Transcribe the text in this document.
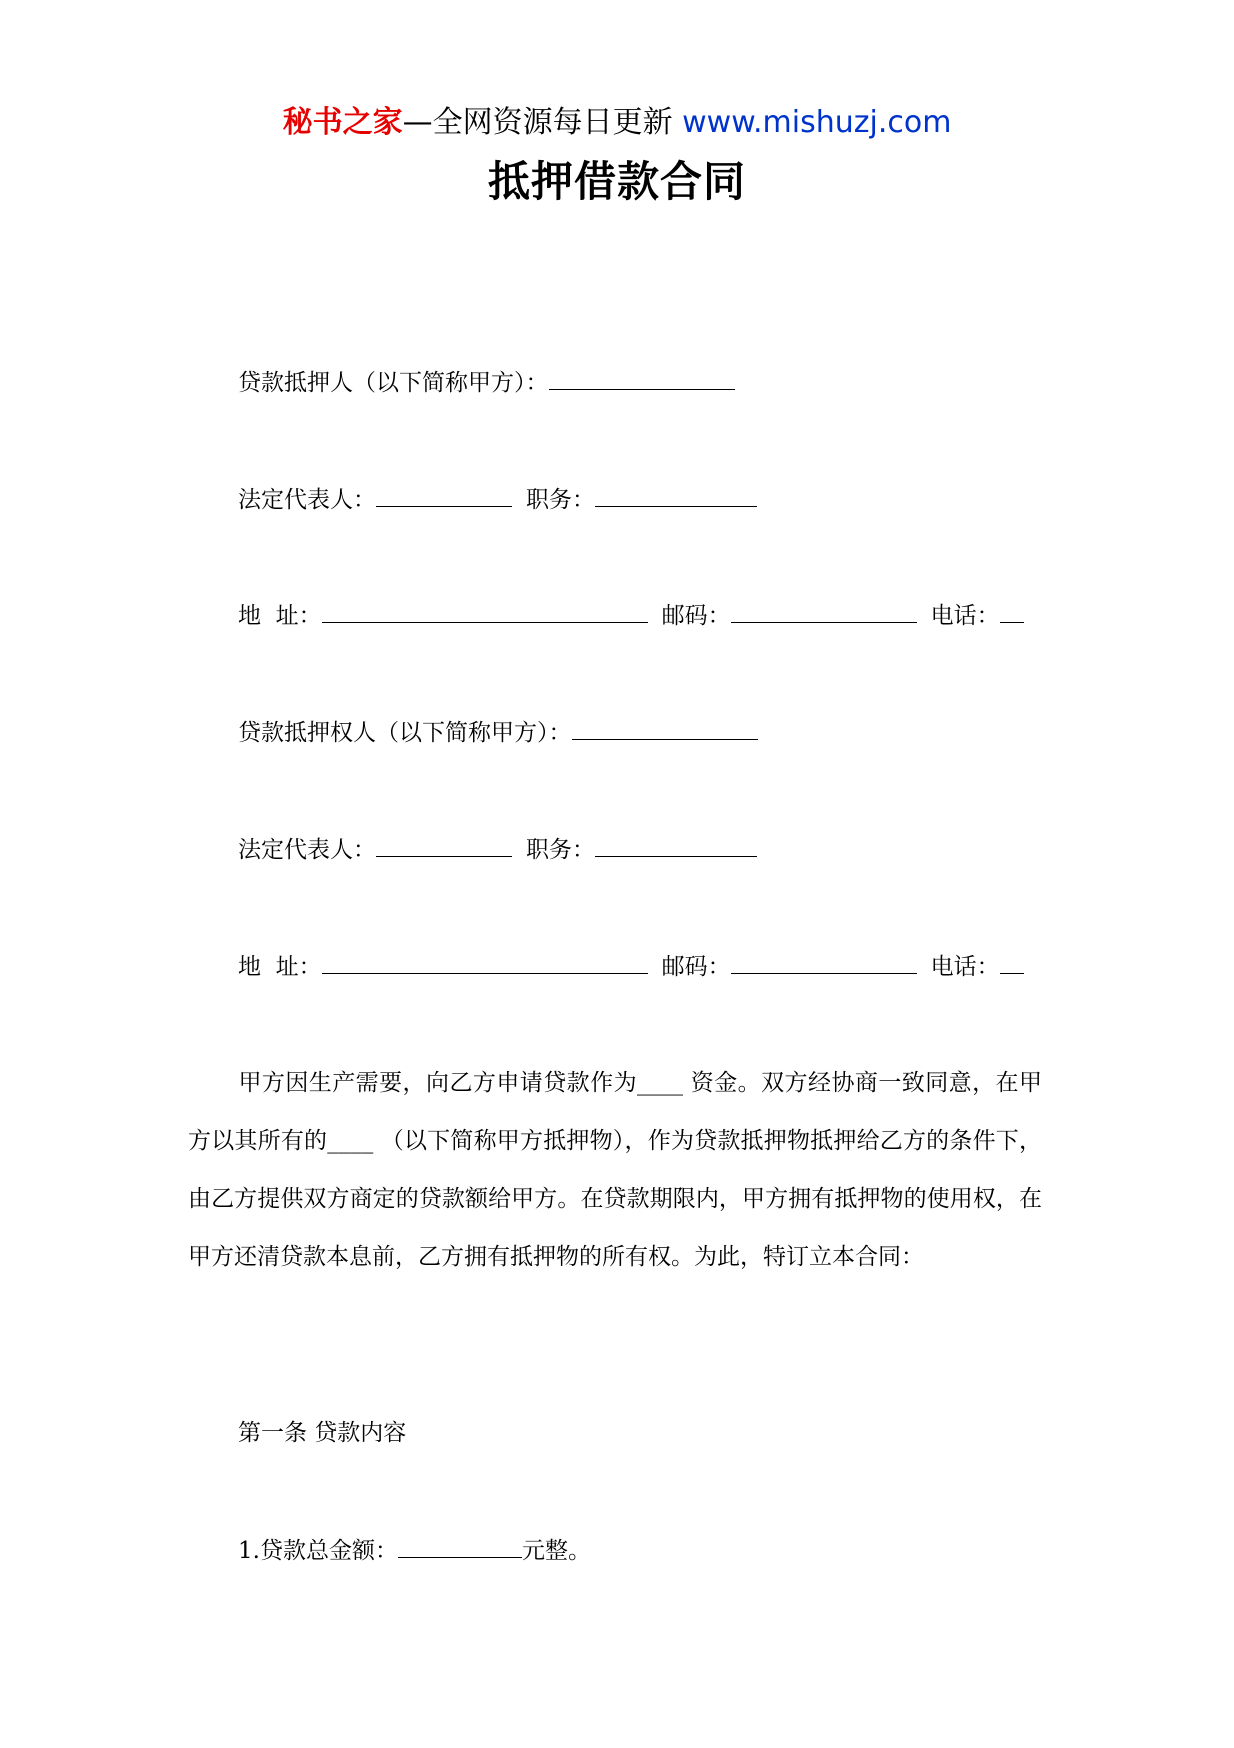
秘书之家—全网资源每日更新 www.mishuzj.com
抵押借款合同
贷款抵押人（以下简称甲方）：
法定代表人：	职务：
地  址：	邮码：	电话：
贷款抵押权人（以下简称甲方）：
法定代表人：	职务：
地  址：	邮码：	电话：

甲方因生产需要，向乙方申请贷款作为____ 资金。双方经协商一致同意，在甲方以其所有的____ （以下简称甲方抵押物），作为贷款抵押物抵押给乙方的条件下，由乙方提供双方商定的贷款额给甲方。在贷款期限内，甲方拥有抵押物的使用权，在甲方还清贷款本息前，乙方拥有抵押物的所有权。为此，特订立本合同：

第一条 贷款内容
1.贷款总金额：	元整。
